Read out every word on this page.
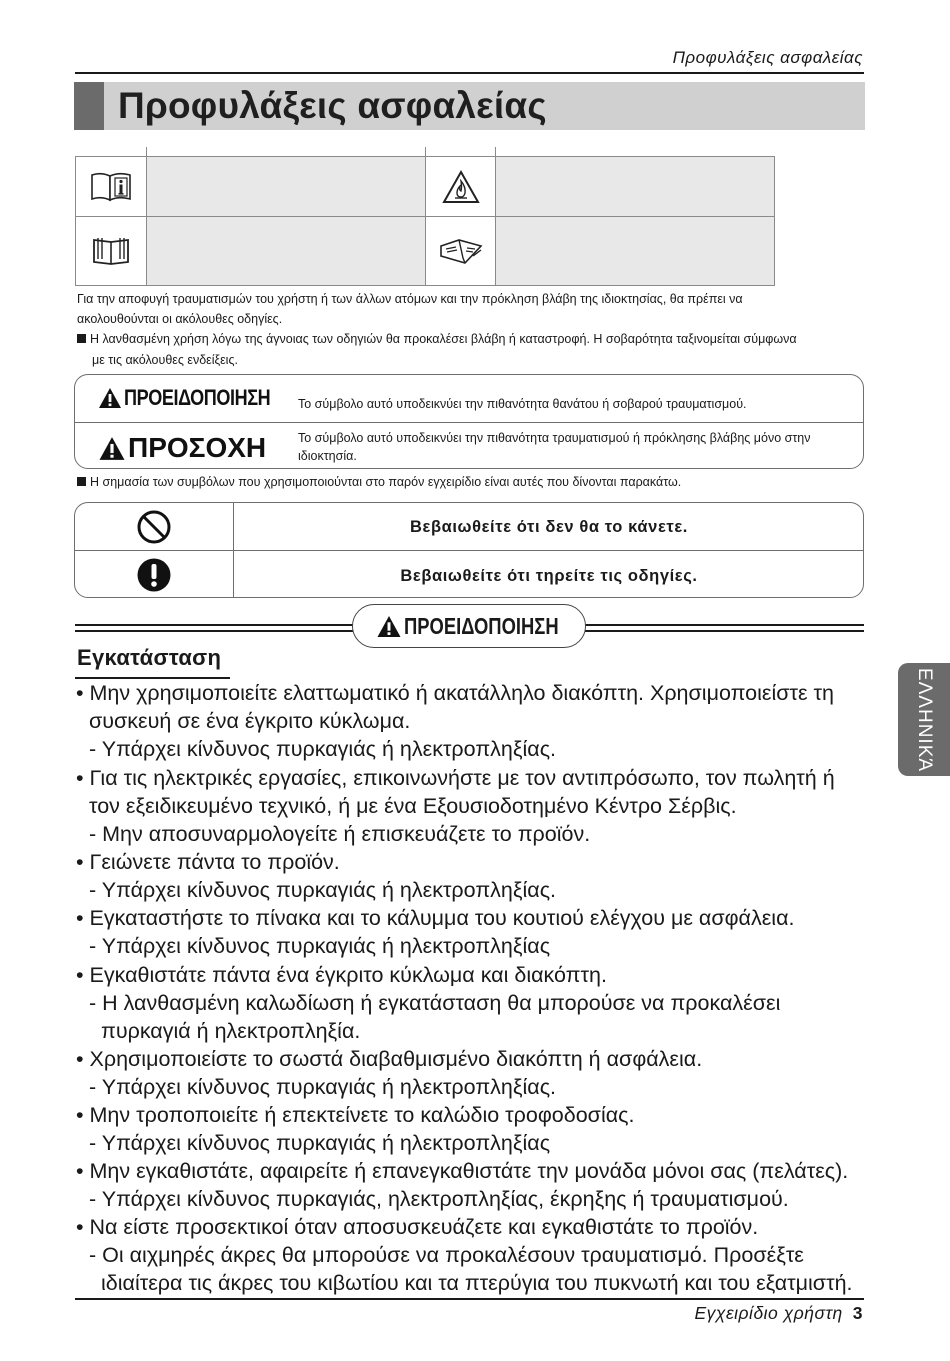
Προφυλάξεις ασφαλείας
Προφυλάξεις ασφαλείας
Για την αποφυγή τραυματισμών του χρήστη ή των άλλων ατόμων και την πρόκληση βλάβη της ιδιοκτησίας, θα πρέπει να
ακολουθούνται οι ακόλουθες οδηγίες.
Η λανθασμένη χρήση λόγω της άγνοιας των οδηγιών θα προκαλέσει βλάβη ή καταστροφή. Η σοβαρότητα ταξινομείται σύμφωνα
με τις ακόλουθες ενδείξεις.
ΠΡΟΕΙΔΟΠΟΙΗΣΗ Το σύμβολο αυτό υποδεικνύει την πιθανότητα θανάτου ή σοβαρού τραυματισμού.
ΠΡΟΣΟΧΗ	Το σύμβολο αυτό υποδεικνύει την πιθανότητα τραυματισμού ή πρόκλησης βλάβης μόνο στην
ιδιοκτησία.
Η σημασία των συμβόλων που χρησιμοποιούνται στο παρόν εγχειρίδιο είναι αυτές που δίνονται παρακάτω.
Βεβαιωθείτε ότι δεν θα το κάνετε.
Βεβαιωθείτε ότι τηρείτε τις οδηγίες.
ΠΡΟΕΙΔΟΠΟΙΗΣΗ
Εγκατάσταση
• Μην χρησιμοποιείτε ελαττωματικό ή ακατάλληλο διακόπτη. Χρησιμοποιείστε τη
συσκευή σε ένα έγκριτο κύκλωμα.
- Υπάρχει κίνδυνος πυρκαγιάς ή ηλεκτροπληξίας.
• Για τις ηλεκτρικές εργασίες, επικοινωνήστε με τον αντιπρόσωπο, τον πωλητή ή
τον εξειδικευμένο τεχνικό, ή με ένα Εξουσιοδοτημένο Κέντρο Σέρβις.
- Μην αποσυναρμολογείτε ή επισκευάζετε το προϊόν.
• Γειώνετε πάντα το προϊόν.
- Υπάρχει κίνδυνος πυρκαγιάς ή ηλεκτροπληξίας.
• Εγκαταστήστε το πίνακα και το κάλυμμα του κουτιού ελέγχου με ασφάλεια.
- Υπάρχει κίνδυνος πυρκαγιάς ή ηλεκτροπληξίας
• Εγκαθιστάτε πάντα ένα έγκριτο κύκλωμα και διακόπτη.
- Η λανθασμένη καλωδίωση ή εγκατάσταση θα μπορούσε να προκαλέσει
πυρκαγιά ή ηλεκτροπληξία.
• Χρησιμοποιείστε το σωστά διαβαθμισμένο διακόπτη ή ασφάλεια.
- Υπάρχει κίνδυνος πυρκαγιάς ή ηλεκτροπληξίας.
• Μην τροποποιείτε ή επεκτείνετε το καλώδιο τροφοδοσίας.
- Υπάρχει κίνδυνος πυρκαγιάς ή ηλεκτροπληξίας
• Μην εγκαθιστάτε, αφαιρείτε ή επανεγκαθιστάτε την μονάδα μόνοι σας (πελάτες).
- Υπάρχει κίνδυνος πυρκαγιάς, ηλεκτροπληξίας, έκρηξης ή τραυματισμού.
• Να είστε προσεκτικοί όταν αποσυσκευάζετε και εγκαθιστάτε το προϊόν.
- Οι αιχμηρές άκρες θα μπορούσε να προκαλέσουν τραυματισμό. Προσέξτε
ιδιαίτερα τις άκρες του κιβωτίου και τα πτερύγια του πυκνωτή και του εξατμιστή.
Εγχειρίδιο χρήστη 3
ΕΛΛΗΝΙΚΆ
